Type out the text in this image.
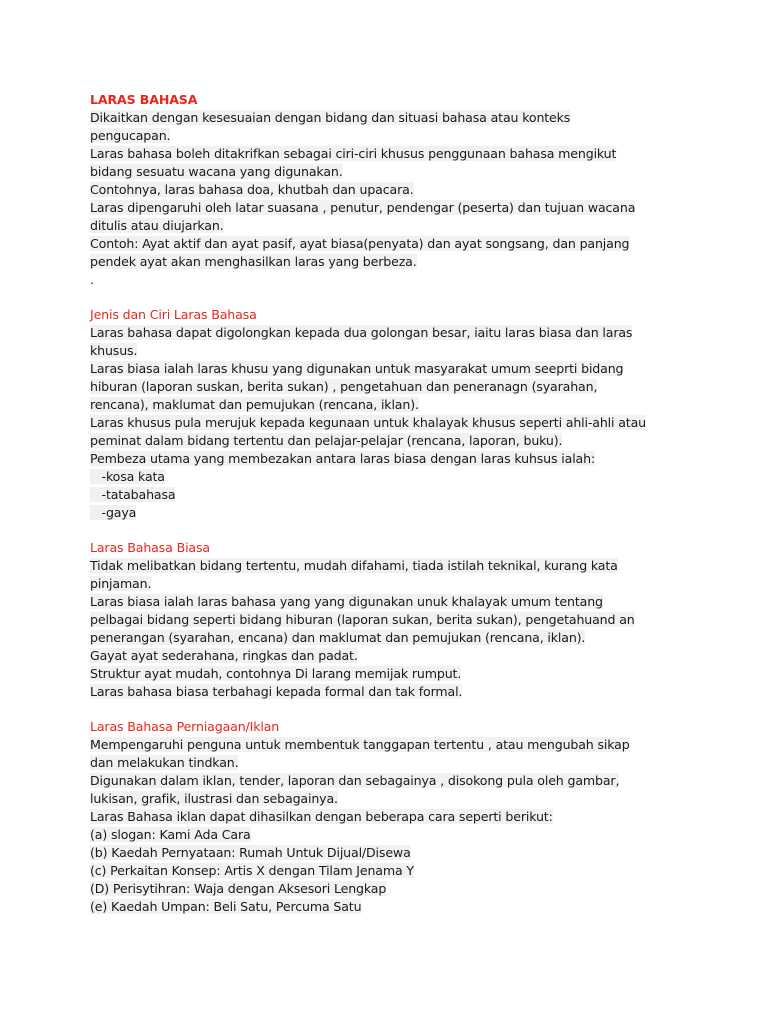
LARAS BAHASA
Dikaitkan dengan kesesuaian dengan bidang dan situasi bahasa atau konteks
pengucapan.
Laras bahasa boleh ditakrifkan sebagai ciri-ciri khusus penggunaan bahasa mengikut
bidang sesuatu wacana yang digunakan.
Contohnya, laras bahasa doa, khutbah dan upacara.
Laras dipengaruhi oleh latar suasana , penutur, pendengar (peserta) dan tujuan wacana
ditulis atau diujarkan.
Contoh: Ayat aktif dan ayat pasif, ayat biasa(penyata) dan ayat songsang, dan panjang
pendek ayat akan menghasilkan laras yang berbeza.
.
Jenis dan Ciri Laras Bahasa
Laras bahasa dapat digolongkan kepada dua golongan besar, iaitu laras biasa dan laras
khusus.
Laras biasa ialah laras khusu yang digunakan untuk masyarakat umum seeprti bidang
hiburan (laporan suskan, berita sukan) , pengetahuan dan peneranagn (syarahan,
rencana), maklumat dan pemujukan (rencana, iklan).
Laras khusus pula merujuk kepada kegunaan untuk khalayak khusus seperti ahli-ahli atau
peminat dalam bidang tertentu dan pelajar-pelajar (rencana, laporan, buku).
Pembeza utama yang membezakan antara laras biasa dengan laras kuhsus ialah:
-kosa kata
-tatabahasa
-gaya
Laras Bahasa Biasa
Tidak melibatkan bidang tertentu, mudah difahami, tiada istilah teknikal, kurang kata
pinjaman.
Laras biasa ialah laras bahasa yang yang digunakan unuk khalayak umum tentang
pelbagai bidang seperti bidang hiburan (laporan sukan, berita sukan), pengetahuand an
penerangan (syarahan, encana) dan maklumat dan pemujukan (rencana, iklan).
Gayat ayat sederahana, ringkas dan padat.
Struktur ayat mudah, contohnya Di larang memijak rumput.
Laras bahasa biasa terbahagi kepada formal dan tak formal.
Laras Bahasa Perniagaan/Iklan
Mempengaruhi penguna untuk membentuk tanggapan tertentu , atau mengubah sikap
dan melakukan tindkan.
Digunakan dalam iklan, tender, laporan dan sebagainya , disokong pula oleh gambar,
lukisan, grafik, ilustrasi dan sebagainya.
Laras Bahasa iklan dapat dihasilkan dengan beberapa cara seperti berikut:
(a) slogan: Kami Ada Cara
(b) Kaedah Pernyataan: Rumah Untuk Dijual/Disewa
(c) Perkaitan Konsep: Artis X dengan Tilam Jenama Y
(D) Perisytihran: Waja dengan Aksesori Lengkap
(e) Kaedah Umpan: Beli Satu, Percuma Satu
